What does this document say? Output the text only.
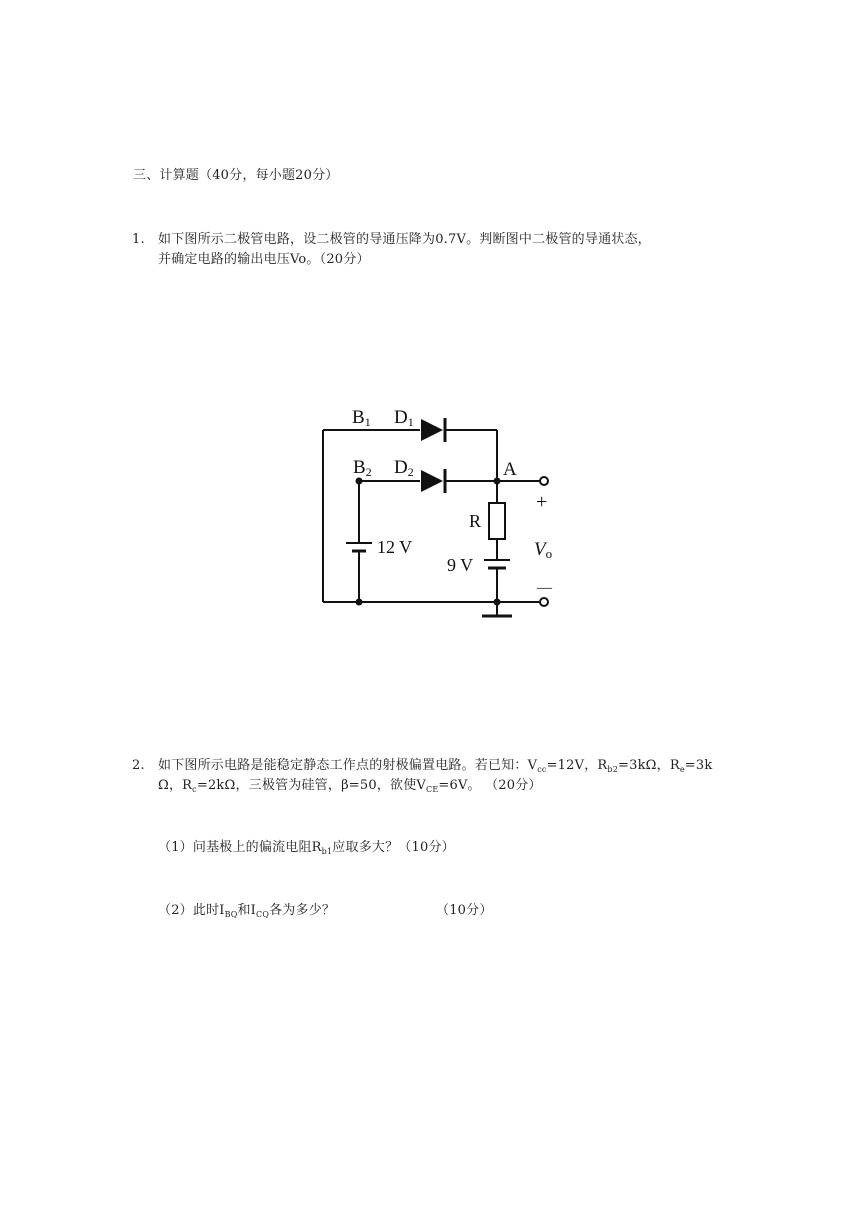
三、计算题（40分，每小题20分）
1. 如下图所示二极管电路，设二极管的导通压降为0.7V。判断图中二极管的导通状态，
并确定电路的输出电压Vo。（20分）
B1 D1
B2 D2	A
R
12 V
9 V
Vo
+
—
2. 如下图所示电路是能稳定静态工作点的射极偏置电路。若已知：$V_{cc}=12V$，$R_{b2}=3k\Omega$，$R_e=3k$
Ω，$R_c=2k\Omega$，三极管为硅管，β=50，欲使$V_{CE}=6V$。 （20分）
（1）问基极上的偏流电阻$R_{b1}$应取多大？（10分）
（2）此时$I_{BQ}$和$I_{CQ}$各为多少？	（10分）
